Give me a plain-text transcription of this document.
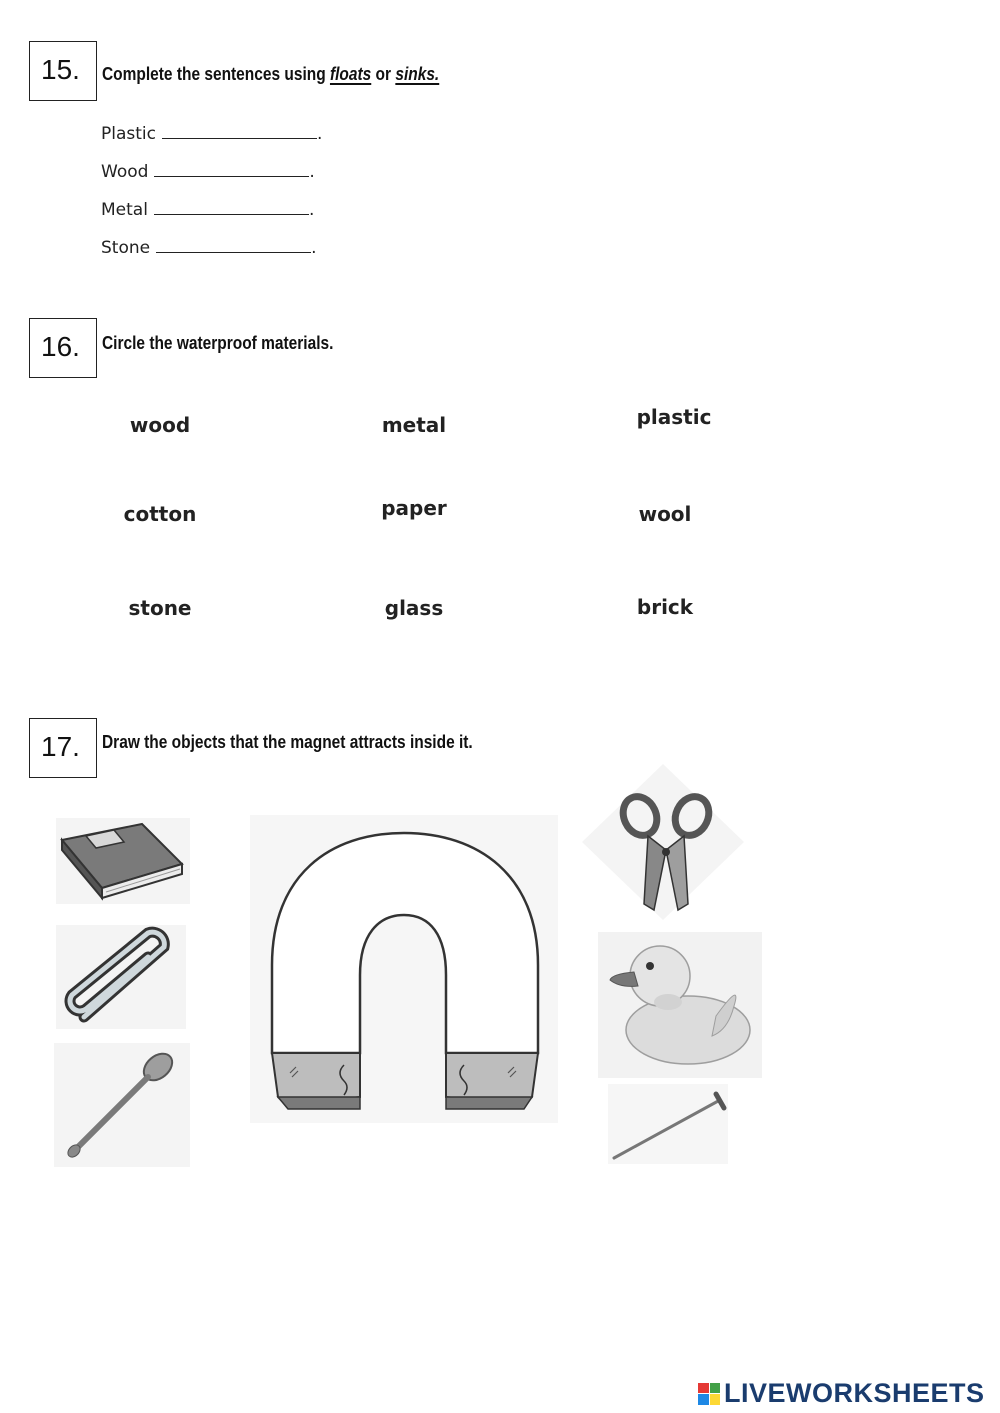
15.	Complete the sentences using floats or sinks.
Plastic	.
Wood	.
Metal	.
Stone	.
16.	Circle the waterproof materials.
wood	metal	plastic
cotton	paper	wool
stone	glass	brick
17.	Draw the objects that the magnet attracts inside it.
LIVEWORKSHEETS
